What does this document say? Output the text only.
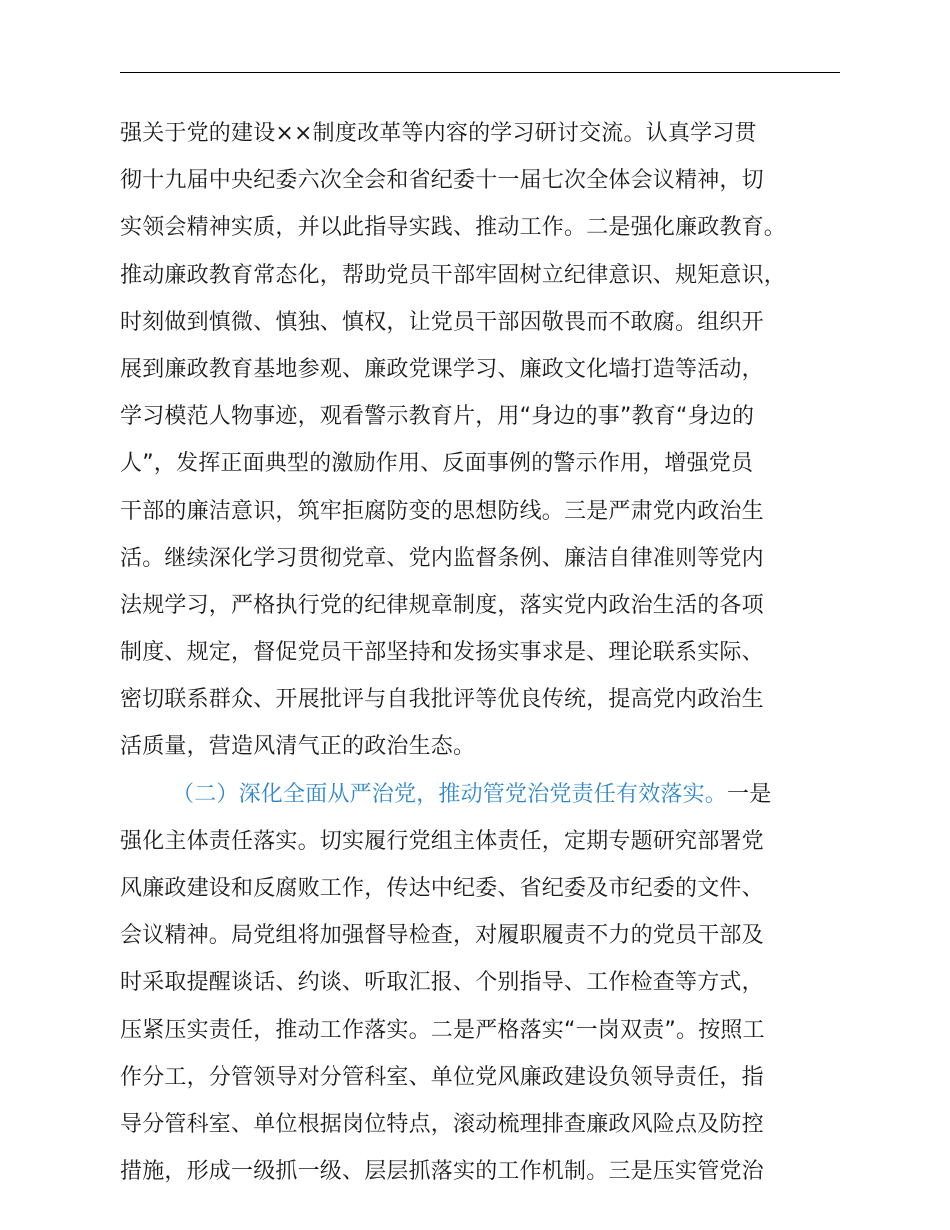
强关于党的建设××制度改革等内容的学习研讨交流。认真学习贯
彻十九届中央纪委六次全会和省纪委十一届七次全体会议精神，切
实领会精神实质，并以此指导实践、推动工作。二是强化廉政教育。
推动廉政教育常态化，帮助党员干部牢固树立纪律意识、规矩意识，
时刻做到慎微、慎独、慎权，让党员干部因敬畏而不敢腐。组织开
展到廉政教育基地参观、廉政党课学习、廉政文化墙打造等活动，
学习模范人物事迹，观看警示教育片，用“身边的事”教育“身边的
人”，发挥正面典型的激励作用、反面事例的警示作用，增强党员
干部的廉洁意识，筑牢拒腐防变的思想防线。三是严肃党内政治生
活。继续深化学习贯彻党章、党内监督条例、廉洁自律准则等党内
法规学习，严格执行党的纪律规章制度，落实党内政治生活的各项
制度、规定，督促党员干部坚持和发扬实事求是、理论联系实际、
密切联系群众、开展批评与自我批评等优良传统，提高党内政治生
活质量，营造风清气正的政治生态。
（二）深化全面从严治党，推动管党治党责任有效落实。一是
强化主体责任落实。切实履行党组主体责任，定期专题研究部署党
风廉政建设和反腐败工作，传达中纪委、省纪委及市纪委的文件、
会议精神。局党组将加强督导检查，对履职履责不力的党员干部及
时采取提醒谈话、约谈、听取汇报、个别指导、工作检查等方式，
压紧压实责任，推动工作落实。二是严格落实“一岗双责”。按照工
作分工，分管领导对分管科室、单位党风廉政建设负领导责任，指
导分管科室、单位根据岗位特点，滚动梳理排查廉政风险点及防控
措施，形成一级抓一级、层层抓落实的工作机制。三是压实管党治
